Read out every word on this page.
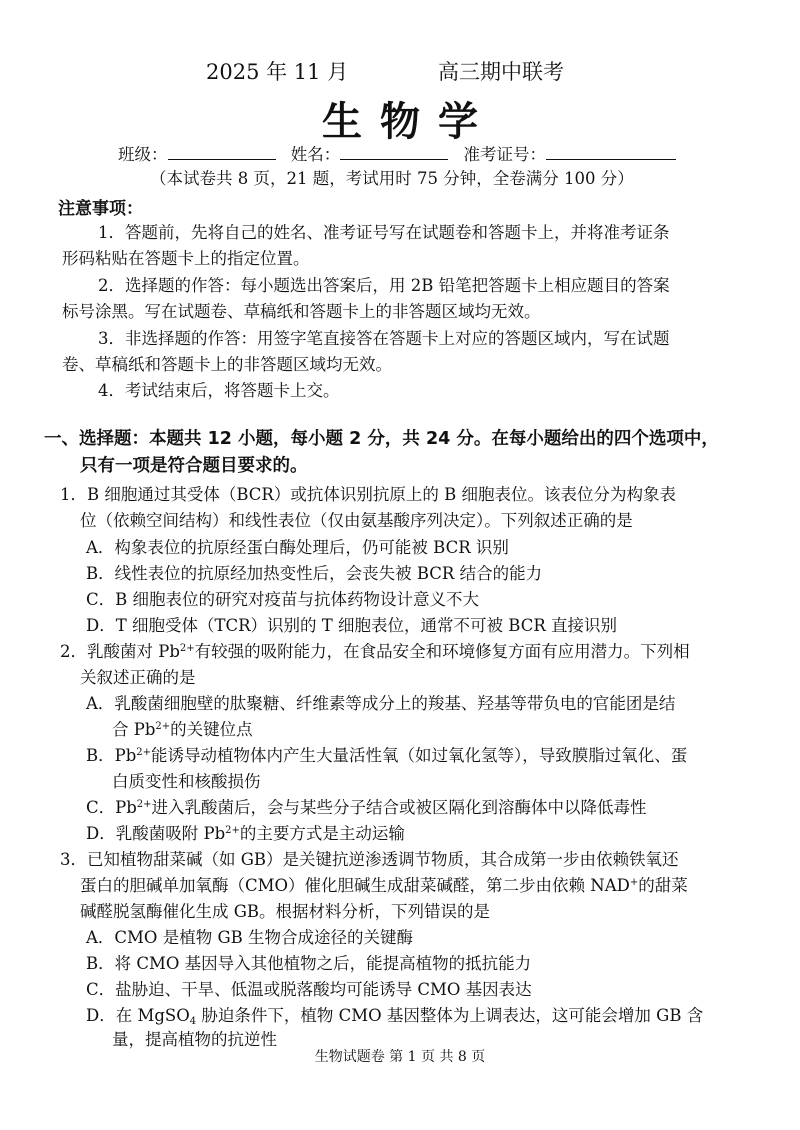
2025 年 11 月	高三期中联考
生物学
班级：	姓名：	准考证号：
（本试卷共 8 页，21 题，考试用时 75 分钟，全卷满分 100 分）
注意事项：
1．答题前，先将自己的姓名、准考证号写在试题卷和答题卡上，并将准考证条
形码粘贴在答题卡上的指定位置。
2．选择题的作答：每小题选出答案后，用 2B 铅笔把答题卡上相应题目的答案
标号涂黑。写在试题卷、草稿纸和答题卡上的非答题区域均无效。
3．非选择题的作答：用签字笔直接答在答题卡上对应的答题区域内，写在试题
卷、草稿纸和答题卡上的非答题区域均无效。
4．考试结束后，将答题卡上交。
一、选择题：本题共 12 小题，每小题 2 分，共 24 分。在每小题给出的四个选项中，
只有一项是符合题目要求的。
1．B 细胞通过其受体（BCR）或抗体识别抗原上的 B 细胞表位。该表位分为构象表
位（依赖空间结构）和线性表位（仅由氨基酸序列决定）。下列叙述正确的是
A．构象表位的抗原经蛋白酶处理后，仍可能被 BCR 识别
B．线性表位的抗原经加热变性后，会丧失被 BCR 结合的能力
C．B 细胞表位的研究对疫苗与抗体药物设计意义不大
D．T 细胞受体（TCR）识别的 T 细胞表位，通常不可被 BCR 直接识别
2．乳酸菌对 $Pb^{2+}$有较强的吸附能力，在食品安全和环境修复方面有应用潜力。下列相
关叙述正确的是
A．乳酸菌细胞壁的肽聚糖、纤维素等成分上的羧基、羟基等带负电的官能团是结
合 $Pb^{2+}$的关键位点
B．$Pb^{2+}$能诱导动植物体内产生大量活性氧（如过氧化氢等），导致膜脂过氧化、蛋
白质变性和核酸损伤
C．$Pb^{2+}$进入乳酸菌后，会与某些分子结合或被区隔化到溶酶体中以降低毒性
D．乳酸菌吸附 $Pb^{2+}$的主要方式是主动运输
3．已知植物甜菜碱（如 GB）是关键抗逆渗透调节物质，其合成第一步由依赖铁氧还
蛋白的胆碱单加氧酶（CMO）催化胆碱生成甜菜碱醛，第二步由依赖 NAD+的甜菜
碱醛脱氢酶催化生成 GB。根据材料分析，下列错误的是
A．CMO 是植物 GB 生物合成途径的关键酶
B．将 CMO 基因导入其他植物之后，能提高植物的抵抗能力
C．盐胁迫、干旱、低温或脱落酸均可能诱导 CMO 基因表达
D．在 MgSO$_4$ 胁迫条件下，植物 CMO 基因整体为上调表达，这可能会增加 GB 含
量，提高植物的抗逆性
生物试题卷 第 1 页 共 8 页
